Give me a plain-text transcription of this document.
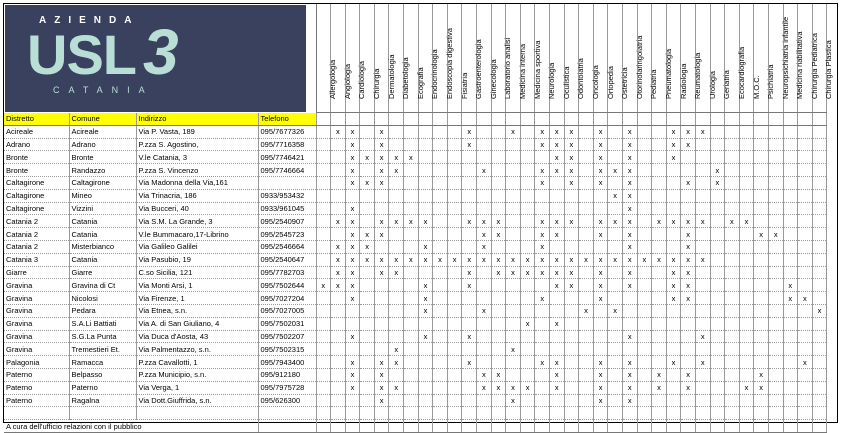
AZIENDA
USL 3
CATANIA				Allergologia	Angiologia	Cardiologia	Chirurgia	Dermatologia	Diabetologia	Ecografia	Endocrinologia	Endoscopia digestiva	Fisiatria	Gastroenterologia	Ginecologia	Laboratorio analisi	Medicina interna	Medicina sportiva	Neurologia	Oculistica	Odontoiatria	Oncologia	Ortopedia	Ostetricia	Otorinolaringoiatria	Pediatria	Pneumatologia	Radiologia	Reumatologia	Urologia	Geriatria	Ecocardiografia	M.O.C.	Psichiatria	Neuropsichiatria infantile	Medicina riabilitativa	Chirurgia Pediatrica	Chirurgia Plastica

Distretto	Comune	Indirizzo	Telefono																																			
Acireale	Acireale	Via P. Vasta, 189	095/7677326		x	x		x						x			x		x	x	x		x		x			x	x	x								
Adrano	Adrano	P.zza S. Agostino,	095/7716358			x		x						x					x	x	x		x		x			x	x									
Bronte	Bronte	V.le Catania, 3	095/7746421			x	x	x	x	x										x	x		x		x			x										
Bronte	Randazzo	P.zza S. Vincenzo	095/7746664			x		x	x						x				x	x	x		x	x	x						x							
Caltagirone	Caltagirone	Via Madonna della Via,161				x	x	x											x		x		x		x				x		x							
Caltagirone	Mineo	Via Trinacria, 186	0933/953432																					x	x													
Caltagirone	Vizzini	Via Bucceri, 40	0933/961045			x																			x													
Catania 2	Catania	Via S.M. La Grande, 3	095/2540907		x	x		x	x	x	x			x	x	x			x	x	x		x	x	x		x	x	x	x		x	x					
Catania 2	Catania	V.le Bummacaro,17-Librino	095/2545723			x	x	x							x	x			x	x			x		x				x					x	x			
Catania 2	Misterbianco	Via Galileo Galilei	095/2546664		x	x	x				x				x				x						x				x									
Catania 3	Catania	Via Pasubio, 19	095/2540647		x	x	x	x	x	x	x	x	x	x	x	x	x	x	x	x	x	x	x	x	x	x	x	x	x	x								
Giarre	Giarre	C.so Sicilia, 121	095/7782703		x	x		x	x					x		x	x	x	x	x	x		x		x			x	x									
Gravina	Gravina di Ct	Via Monti Arsi, 1	095/7502644	x	x	x					x			x						x	x		x		x			x	x							x		
Gravina	Nicolosi	Via Firenze, 1	095/7027204			x					x								x				x					x	x							x	x	
Gravina	Pedara	Via Etnea, s.n.	095/7027005								x				x							x		x														x
Gravina	S.A.Li Battiati	Via A. di San Giuliano, 4	095/7502031															x		x																		
Gravina	S.G.La Punta	Via Duca d'Aosta, 43	095/7502207			x					x			x											x					x								
Gravina	Tremestieri Et.	Via Palmentazzo, s.n.	095/7502315						x								x																					
Palagonia	Ramacca	P.zza Cavallotti, 1	095/7943400			x		x	x					x					x	x			x		x			x		x							x	
Paterno	Belpasso	P.zza Municipio, s.n.	095/912180			x		x							x	x				x			x		x		x		x					x				
Paterno	Paterno	Via Verga, 1	095/7975728			x		x	x						x	x	x	x		x			x		x		x		x				x	x				
Paterno	Ragalna	Via Dott.Giuffrida, s.n.	095/626300					x									x						x		x													

A cura dell'ufficio relazioni con il pubblico																																						
